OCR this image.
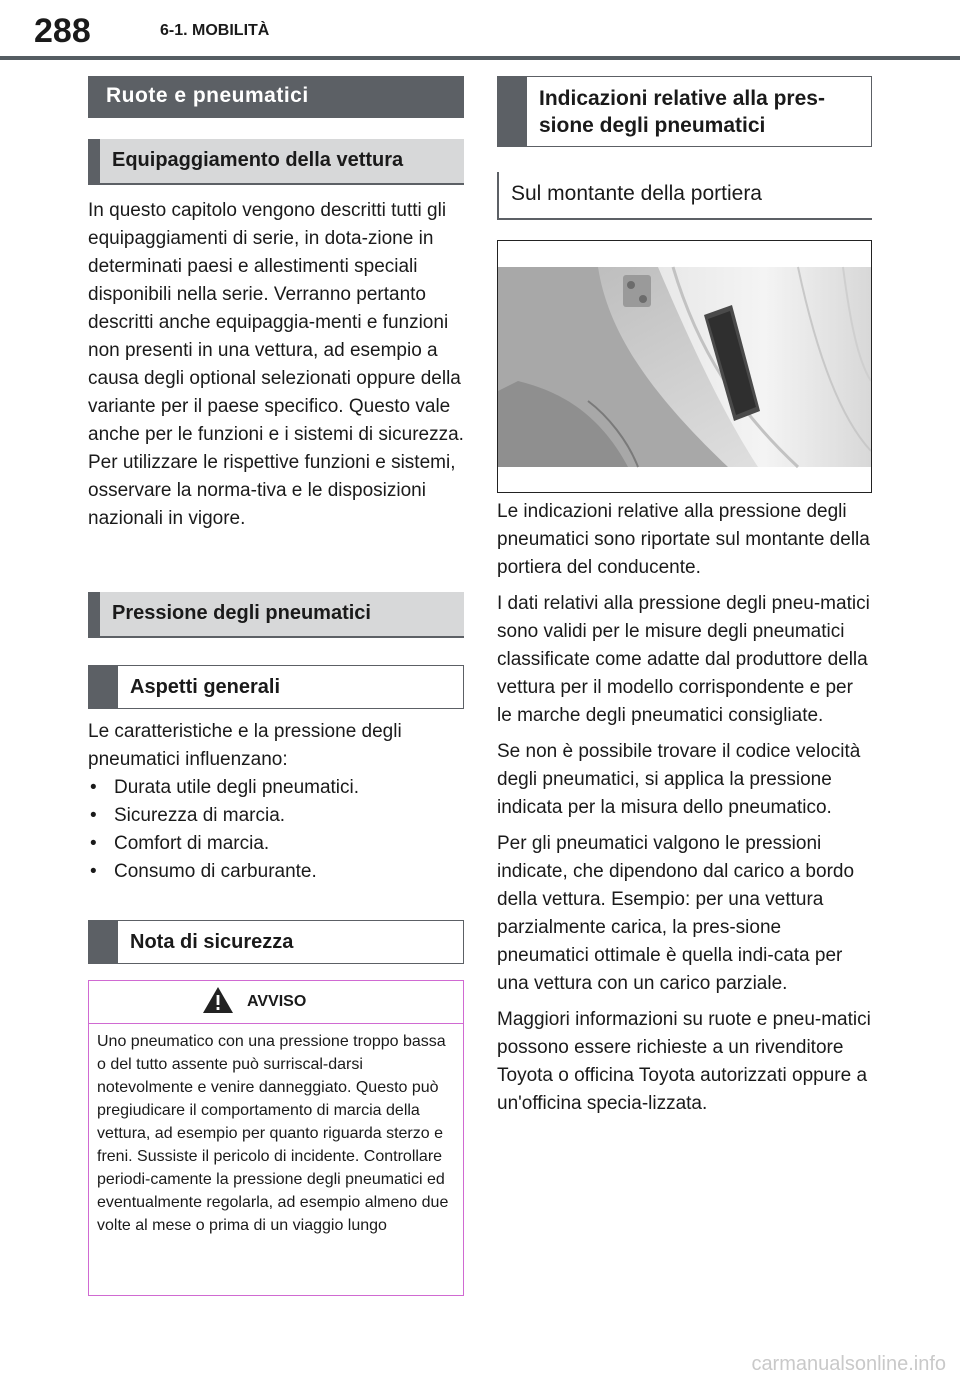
288	6-1. MOBILITÀ
Ruote e pneumatici
Equipaggiamento della vettura

In questo capitolo vengono descritti tutti gli equipaggiamenti di serie, in dota-zione in determinati paesi e allestimenti speciali disponibili nella serie. Verranno pertanto descritti anche equipaggia-menti e funzioni non presenti in una vettura, ad esempio a causa degli optional selezionati oppure della variante per il paese specifico. Questo vale anche per le funzioni e i sistemi di sicurezza. Per utilizzare le rispettive funzioni e sistemi, osservare la norma-tiva e le disposizioni nazionali in vigore.

Pressione degli pneumatici
Aspetti generali
Le caratteristiche e la pressione degli pneumatici influenzano:
• Durata utile degli pneumatici.
• Sicurezza di marcia.
• Comfort di marcia.
• Consumo di carburante.
Nota di sicurezza
AVVISO
Uno pneumatico con una pressione troppo bassa o del tutto assente può surriscal-darsi notevolmente e venire danneggiato. Questo può pregiudicare il comportamento di marcia della vettura, ad esempio per quanto riguarda sterzo e freni. Sussiste il pericolo di incidente. Controllare periodi-camente la pressione degli pneumatici ed eventualmente regolarla, ad esempio almeno due volte al mese o prima di un viaggio lungo
Indicazioni relative alla pres-sione degli pneumatici
Sul montante della portiera

Le indicazioni relative alla pressione degli pneumatici sono riportate sul montante della portiera del conducente.

I dati relativi alla pressione degli pneu-matici sono validi per le misure degli pneumatici classificate come adatte dal produttore della vettura per il modello corrispondente e per le marche degli pneumatici consigliate.

Se non è possibile trovare il codice velocità degli pneumatici, si applica la pressione indicata per la misura dello pneumatico.

Per gli pneumatici valgono le pressioni indicate, che dipendono dal carico a bordo della vettura. Esempio: per una vettura parzialmente carica, la pres-sione pneumatici ottimale è quella indi-cata per una vettura con un carico parziale.

Maggiori informazioni su ruote e pneu-matici possono essere richieste a un rivenditore Toyota o officina Toyota autorizzati oppure a un'officina specia-lizzata.

carmanualsonline.info
